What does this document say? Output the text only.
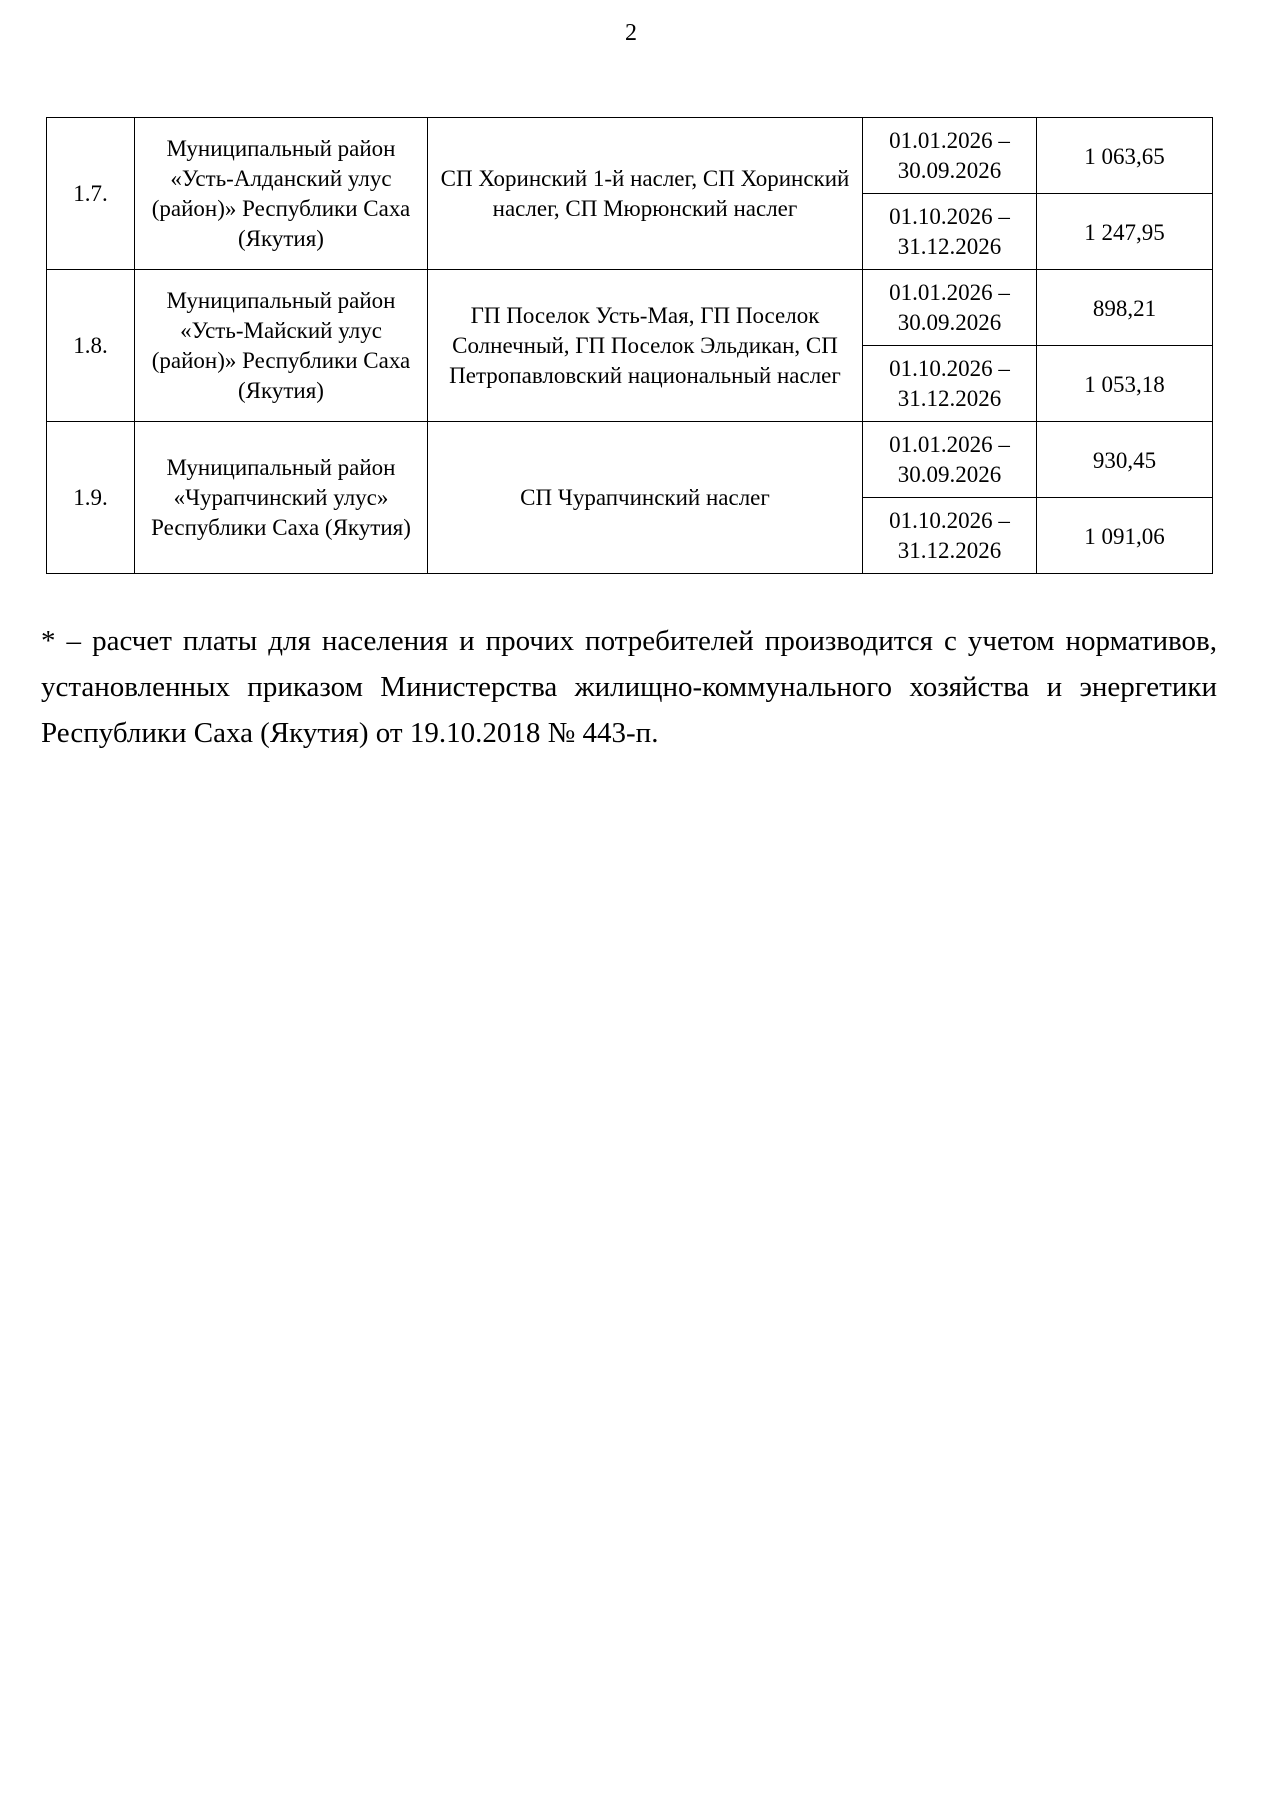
2
1.7.	Муниципальный район «Усть-Алданский улус (район)» Республики Саха (Якутия)	СП Хоринский 1-й наслег, СП Хоринский наслег, СП Мюрюнский наслег	01.01.2026 – 30.09.2026	1 063,65
			01.10.2026 – 31.12.2026	1 247,95
1.8.	Муниципальный район «Усть-Майский улус (район)» Республики Саха (Якутия)	ГП Поселок Усть-Мая, ГП Поселок Солнечный, ГП Поселок Эльдикан, СП Петропавловский национальный наслег	01.01.2026 – 30.09.2026	898,21
			01.10.2026 – 31.12.2026	1 053,18
1.9.	Муниципальный район «Чурапчинский улус» Республики Саха (Якутия)	СП Чурапчинский наслег	01.01.2026 – 30.09.2026	930,45
			01.10.2026 – 31.12.2026	1 091,06

* – расчет платы для населения и прочих потребителей производится с учетом нормативов, установленных приказом Министерства жилищно-коммунального хозяйства и энергетики Республики Саха (Якутия) от 19.10.2018 № 443-п.
